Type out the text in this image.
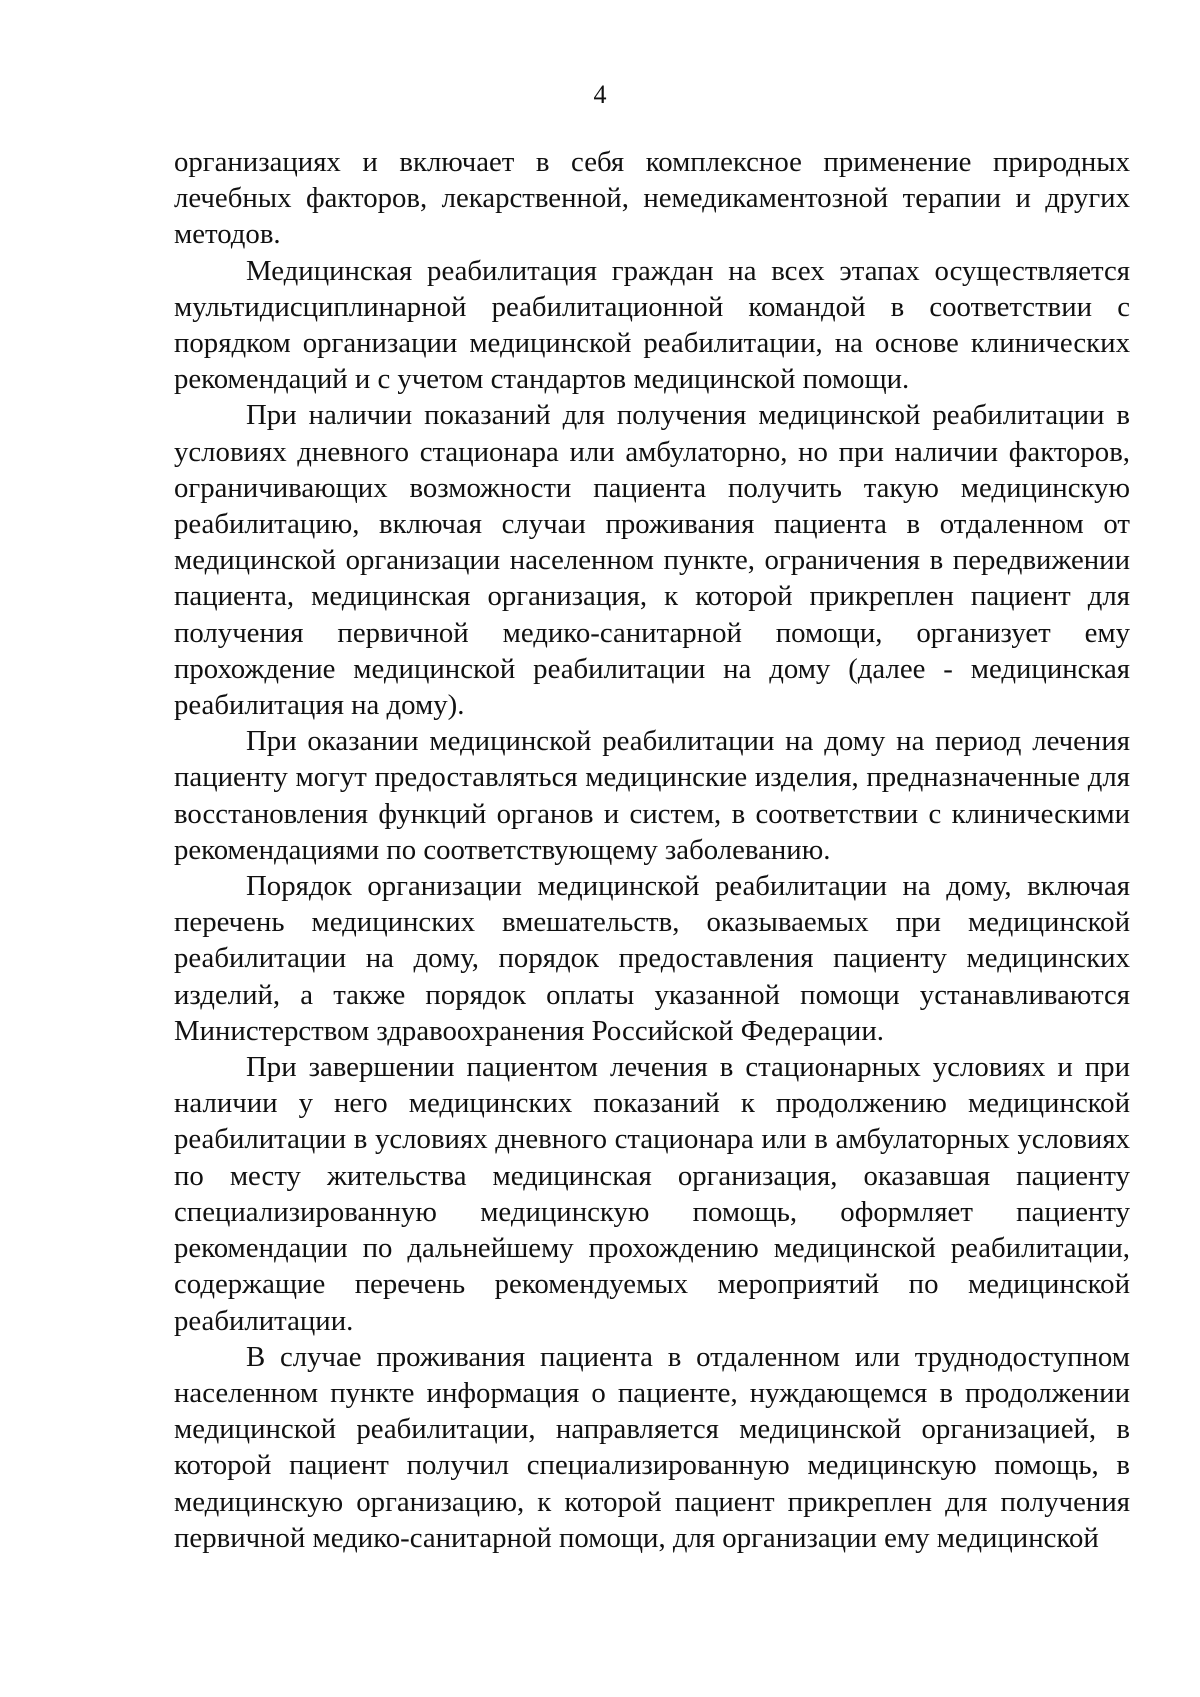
4

организациях и включает в себя комплексное применение природных лечебных факторов, лекарственной, немедикаментозной терапии и других методов.

Медицинская реабилитация граждан на всех этапах осуществляется мультидисциплинарной реабилитационной командой в соответствии с порядком организации медицинской реабилитации, на основе клинических рекомендаций и с учетом стандартов медицинской помощи.

При наличии показаний для получения медицинской реабилитации в условиях дневного стационара или амбулаторно, но при наличии факторов, ограничивающих возможности пациента получить такую медицинскую реабилитацию, включая случаи проживания пациента в отдаленном от медицинской организации населенном пункте, ограничения в передвижении пациента, медицинская организация, к которой прикреплен пациент для получения первичной медико-санитарной помощи, организует ему прохождение медицинской реабилитации на дому (далее - медицинская реабилитация на дому).

При оказании медицинской реабилитации на дому на период лечения пациенту могут предоставляться медицинские изделия, предназначенные для восстановления функций органов и систем, в соответствии с клиническими рекомендациями по соответствующему заболеванию.

Порядок организации медицинской реабилитации на дому, включая перечень медицинских вмешательств, оказываемых при медицинской реабилитации на дому, порядок предоставления пациенту медицинских изделий, а также порядок оплаты указанной помощи устанавливаются Министерством здравоохранения Российской Федерации.

При завершении пациентом лечения в стационарных условиях и при наличии у него медицинских показаний к продолжению медицинской реабилитации в условиях дневного стационара или в амбулаторных условиях по месту жительства медицинская организация, оказавшая пациенту специализированную медицинскую помощь, оформляет пациенту рекомендации по дальнейшему прохождению медицинской реабилитации, содержащие перечень рекомендуемых мероприятий по медицинской реабилитации.

В случае проживания пациента в отдаленном или труднодоступном населенном пункте информация о пациенте, нуждающемся в продолжении медицинской реабилитации, направляется медицинской организацией, в которой пациент получил специализированную медицинскую помощь, в медицинскую организацию, к которой пациент прикреплен для получения первичной медико-санитарной помощи, для организации ему медицинской
